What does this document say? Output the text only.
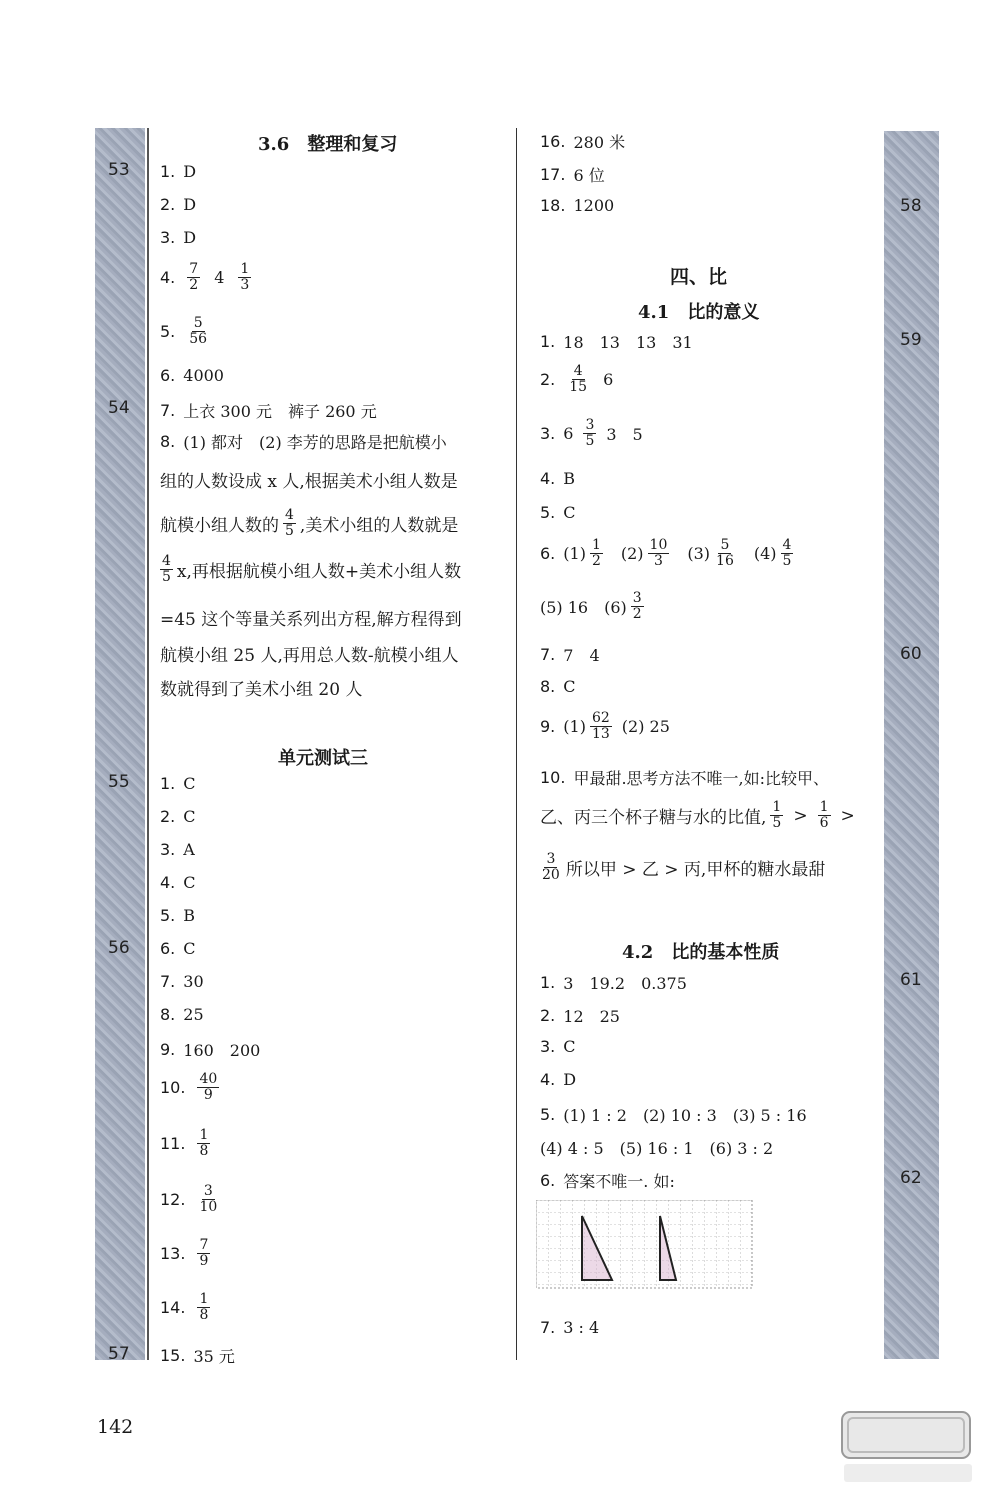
53
54
55
56
57
58
59
60
61
62
3.6　整理和复习
1. D
2. D
3. D
4. $\frac{7}{2} 4 \frac{1}{3}$
5. $\frac{5}{56}$
6. 4000
7. 上衣 300 元　裤子 260 元
8. (1) 都对　(2) 李芳的思路是把航模小
组的人数设成 x 人,根据美术小组人数是
航模小组人数的 $\frac{4}{5}$ ,美术小组的人数就是
$\frac{4}{5} x$,再根据航模小组人数+美术小组人数
=45 这个等量关系列出方程,解方程得到
航模小组 25 人,再用总人数-航模小组人
数就得到了美术小组 20 人
单元测试三
1. C
2. C
3. A
4. C
5. B
6. C
7. 30
8. 25
9. 160　200
10. $\frac{40}{9}$
11. $\frac{1}{8}$
12. $\frac{3}{10}$
13. $\frac{7}{9}$
14. $\frac{1}{8}$
15. 35 元
16. 280 米
17. 6 位
18. 1200
四、比
4.1　比的意义
1. 18　13　13　31
2. $\frac{4}{15} 6$
3. $6 \frac{3}{5} 3$　5
4. B
5. C
6. $(1) \frac{1}{2} (2) \frac{10}{3} (3) \frac{5}{16} (4) \frac{4}{5}$
(5) 16　$(6) \frac{3}{2}$
7. 7　4
8. C
9. $(1) \frac{62}{13} (2)$ 25
10. 甲最甜.思考方法不唯一,如:比较甲、
乙、丙三个杯子糖与水的比值, $\frac{1}{5} > \frac{1}{6}$ >
$\frac{3}{20}$ 所以甲 > 乙 > 丙,甲杯的糖水最甜
4.2　比的基本性质
1. 3　19.2　0.375
2. 12　25
3. C
4. D
5. (1) 1 : 2　(2) 10 : 3　(3) 5 : 16
(4) 4 : 5　(5) 16 : 1　(6) 3 : 2
6. 答案不唯一. 如:
7. 3 : 4
142
